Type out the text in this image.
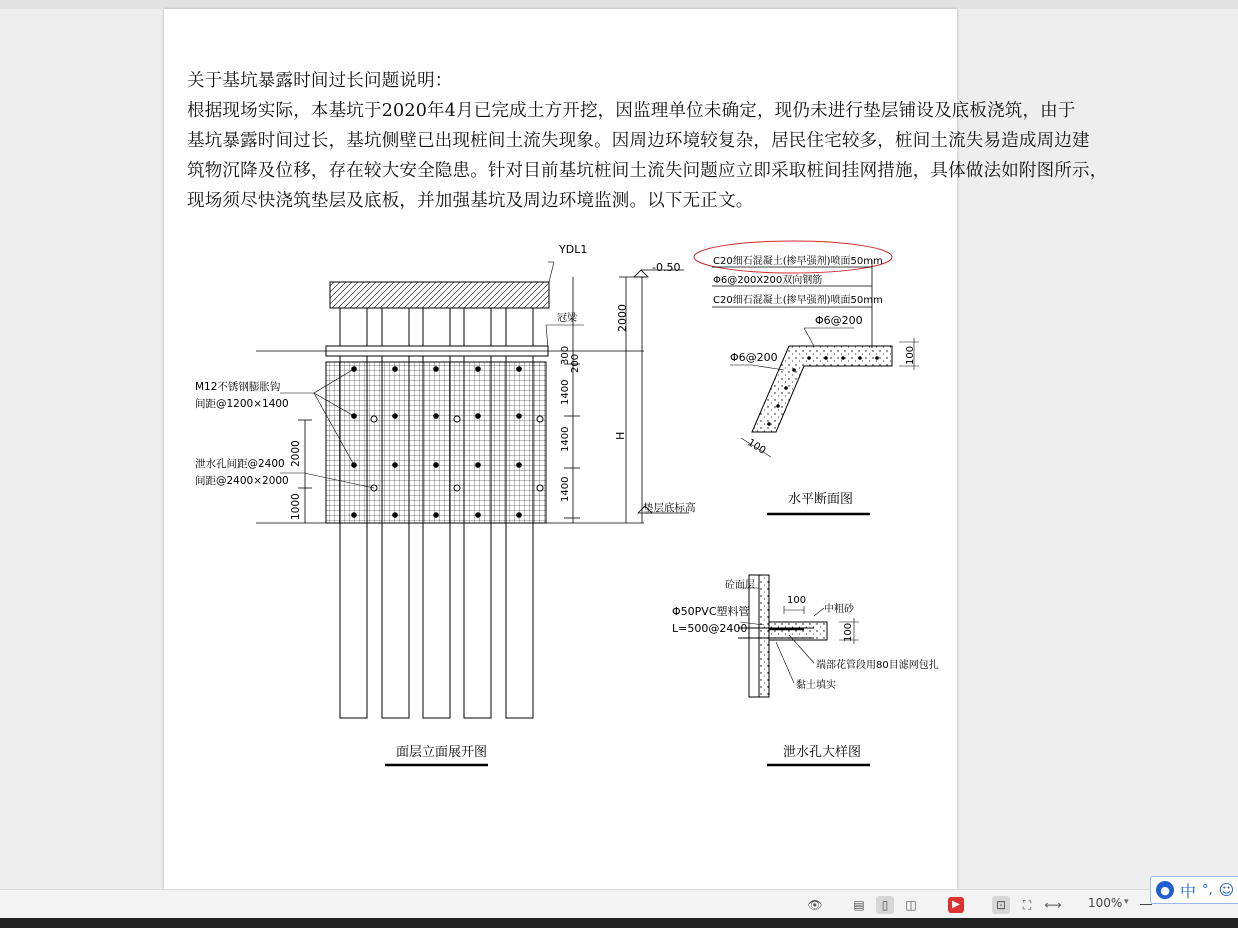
关于基坑暴露时间过长问题说明：
根据现场实际，本基坑于2020年4月已完成土方开挖，因监理单位未确定，现仍未进行垫层铺设及底板浇筑，由于
基坑暴露时间过长，基坑侧壁已出现桩间土流失现象。因周边环境较复杂，居民住宅较多，桩间土流失易造成周边建
筑物沉降及位移，存在较大安全隐患。针对目前基坑桩间土流失问题应立即采取桩间挂网措施，具体做法如附图所示，
现场须尽快浇筑垫层及底板，并加强基坑及周边环境监测。以下无正文。
YDL1
-0.50
冠梁
M12不锈钢膨胀钩
间距@1200×1400
泄水孔间距@2400
间距@2400×2000
2000
300 200
1400
1400
1400
H
2000
1000	垫层底标高
面层立面展开图
C20细石混凝土(掺早强剂)喷面50mm
Φ6@200X200双向钢筋
C20细石混凝土(掺早强剂)喷面50mm
Φ6@200
Φ6@200	100
100
水平断面图
砼面层
Φ50PVC塑料管
L=500@2400
100
中粗砂
100
端部花管段用80目滤网包扎
黏土填实
泄水孔大样图
👁	▤	▯	◫	▶	⊡	⛶	⟷ 100% ▾
● 中 °, ☺
